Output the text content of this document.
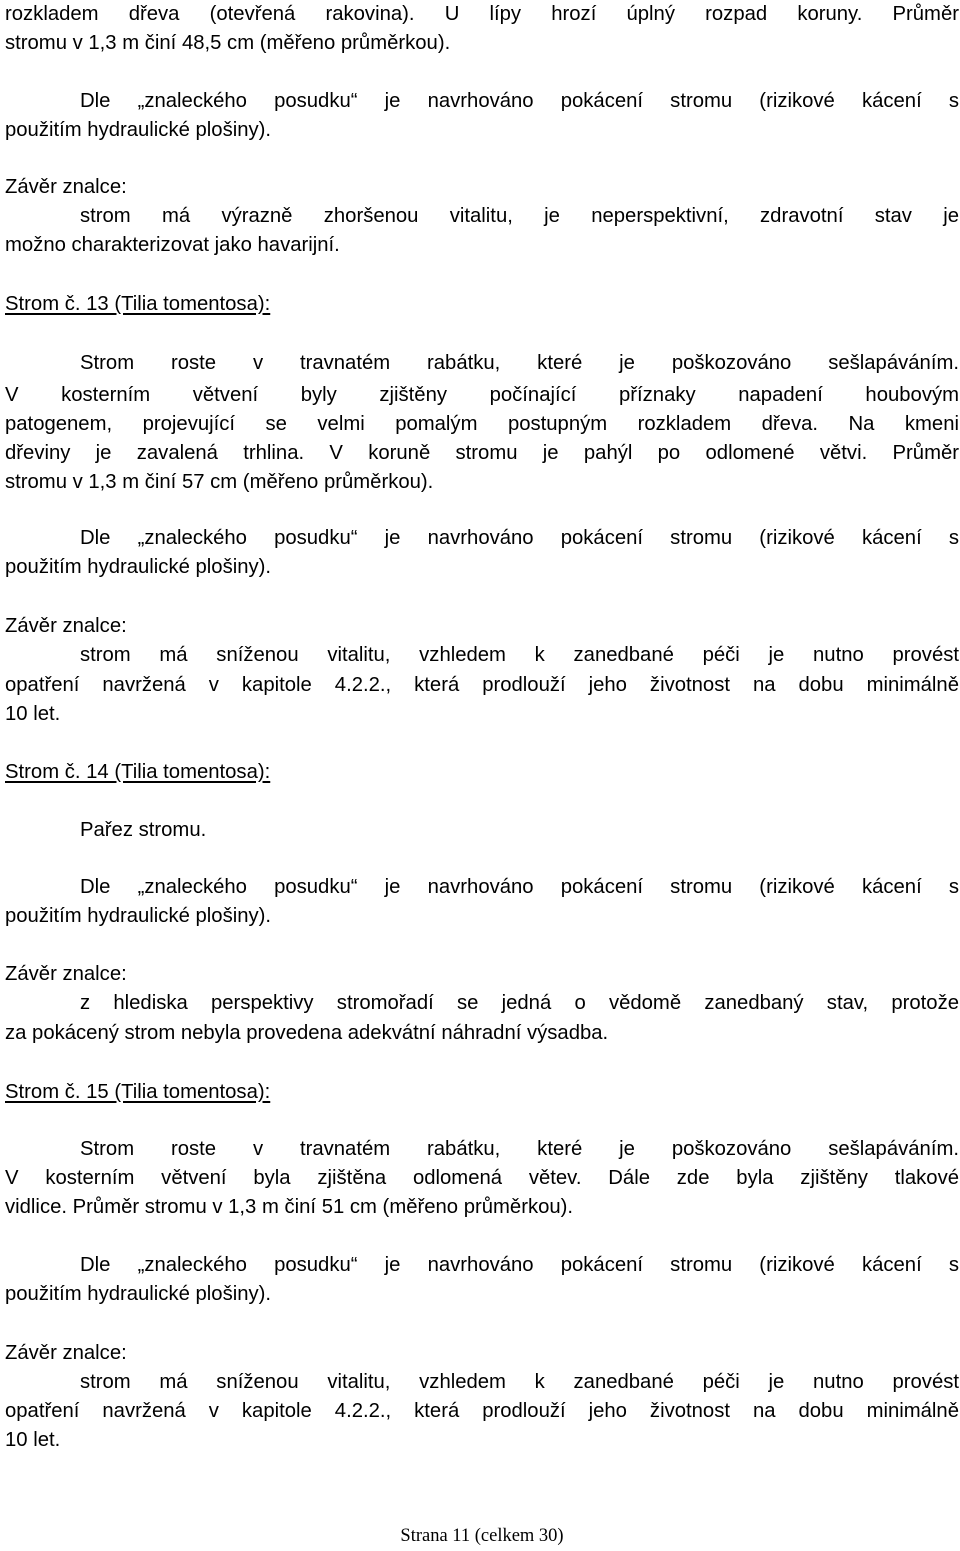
rozkladem dřeva (otevřená rakovina). U lípy hrozí úplný rozpad koruny. Průměr
stromu v 1,3 m činí 48,5 cm (měřeno průměrkou).
Dle „znaleckého posudku“ je navrhováno pokácení stromu (rizikové kácení s
použitím hydraulické plošiny).
Závěr znalce:
strom má výrazně zhoršenou vitalitu, je neperspektivní, zdravotní stav je
možno charakterizovat jako havarijní.
Strom č. 13 (Tilia tomentosa):
Strom roste v travnatém rabátku, které je poškozováno sešlapáváním.
V kosterním větvení byly zjištěny počínající příznaky napadení houbovým
patogenem, projevující se velmi pomalým postupným rozkladem dřeva. Na kmeni
dřeviny je zavalená trhlina. V koruně stromu je pahýl po odlomené větvi. Průměr
stromu v 1,3 m činí 57 cm (měřeno průměrkou).
Dle „znaleckého posudku“ je navrhováno pokácení stromu (rizikové kácení s
použitím hydraulické plošiny).
Závěr znalce:
strom má sníženou vitalitu, vzhledem k zanedbané péči je nutno provést
opatření navržená v kapitole 4.2.2., která prodlouží jeho životnost na dobu minimálně
10 let.
Strom č. 14 (Tilia tomentosa):
Pařez stromu.
Dle „znaleckého posudku“ je navrhováno pokácení stromu (rizikové kácení s
použitím hydraulické plošiny).
Závěr znalce:
z hlediska perspektivy stromořadí se jedná o vědomě zanedbaný stav, protože
za pokácený strom nebyla provedena adekvátní náhradní výsadba.
Strom č. 15 (Tilia tomentosa):
Strom roste v travnatém rabátku, které je poškozováno sešlapáváním.
V kosterním větvení byla zjištěna odlomená větev. Dále zde byla zjištěny tlakové
vidlice. Průměr stromu v 1,3 m činí 51 cm (měřeno průměrkou).
Dle „znaleckého posudku“ je navrhováno pokácení stromu (rizikové kácení s
použitím hydraulické plošiny).
Závěr znalce:
strom má sníženou vitalitu, vzhledem k zanedbané péči je nutno provést
opatření navržená v kapitole 4.2.2., která prodlouží jeho životnost na dobu minimálně
10 let.
Strana 11 (celkem 30)
